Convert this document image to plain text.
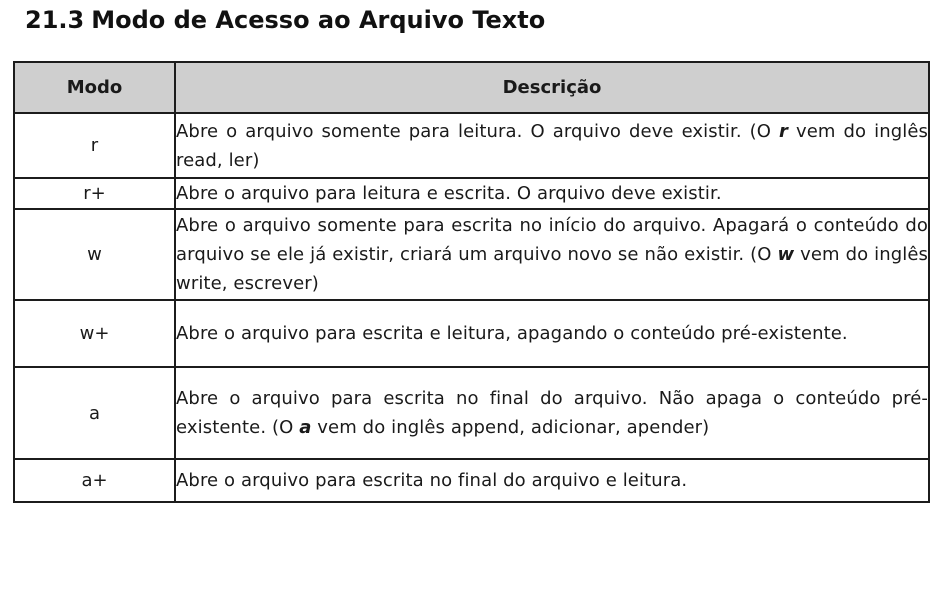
21.3 Modo de Acesso ao Arquivo Texto
Modo	Descrição
r	Abre o arquivo somente para leitura. O arquivo deve existir. (O r vem do inglês read, ler)
r+	Abre o arquivo para leitura e escrita. O arquivo deve existir.
w	Abre o arquivo somente para escrita no início do arquivo. Apagará o conteúdo do arquivo se ele já existir, criará um arquivo novo se não existir. (O w vem do inglês write, escrever)
w+	Abre o arquivo para escrita e leitura, apagando o conteúdo pré-existente.
a	Abre o arquivo para escrita no final do arquivo. Não apaga o conteúdo pré-existente. (O a vem do inglês append, adicionar, apender)
a+	Abre o arquivo para escrita no final do arquivo e leitura.
